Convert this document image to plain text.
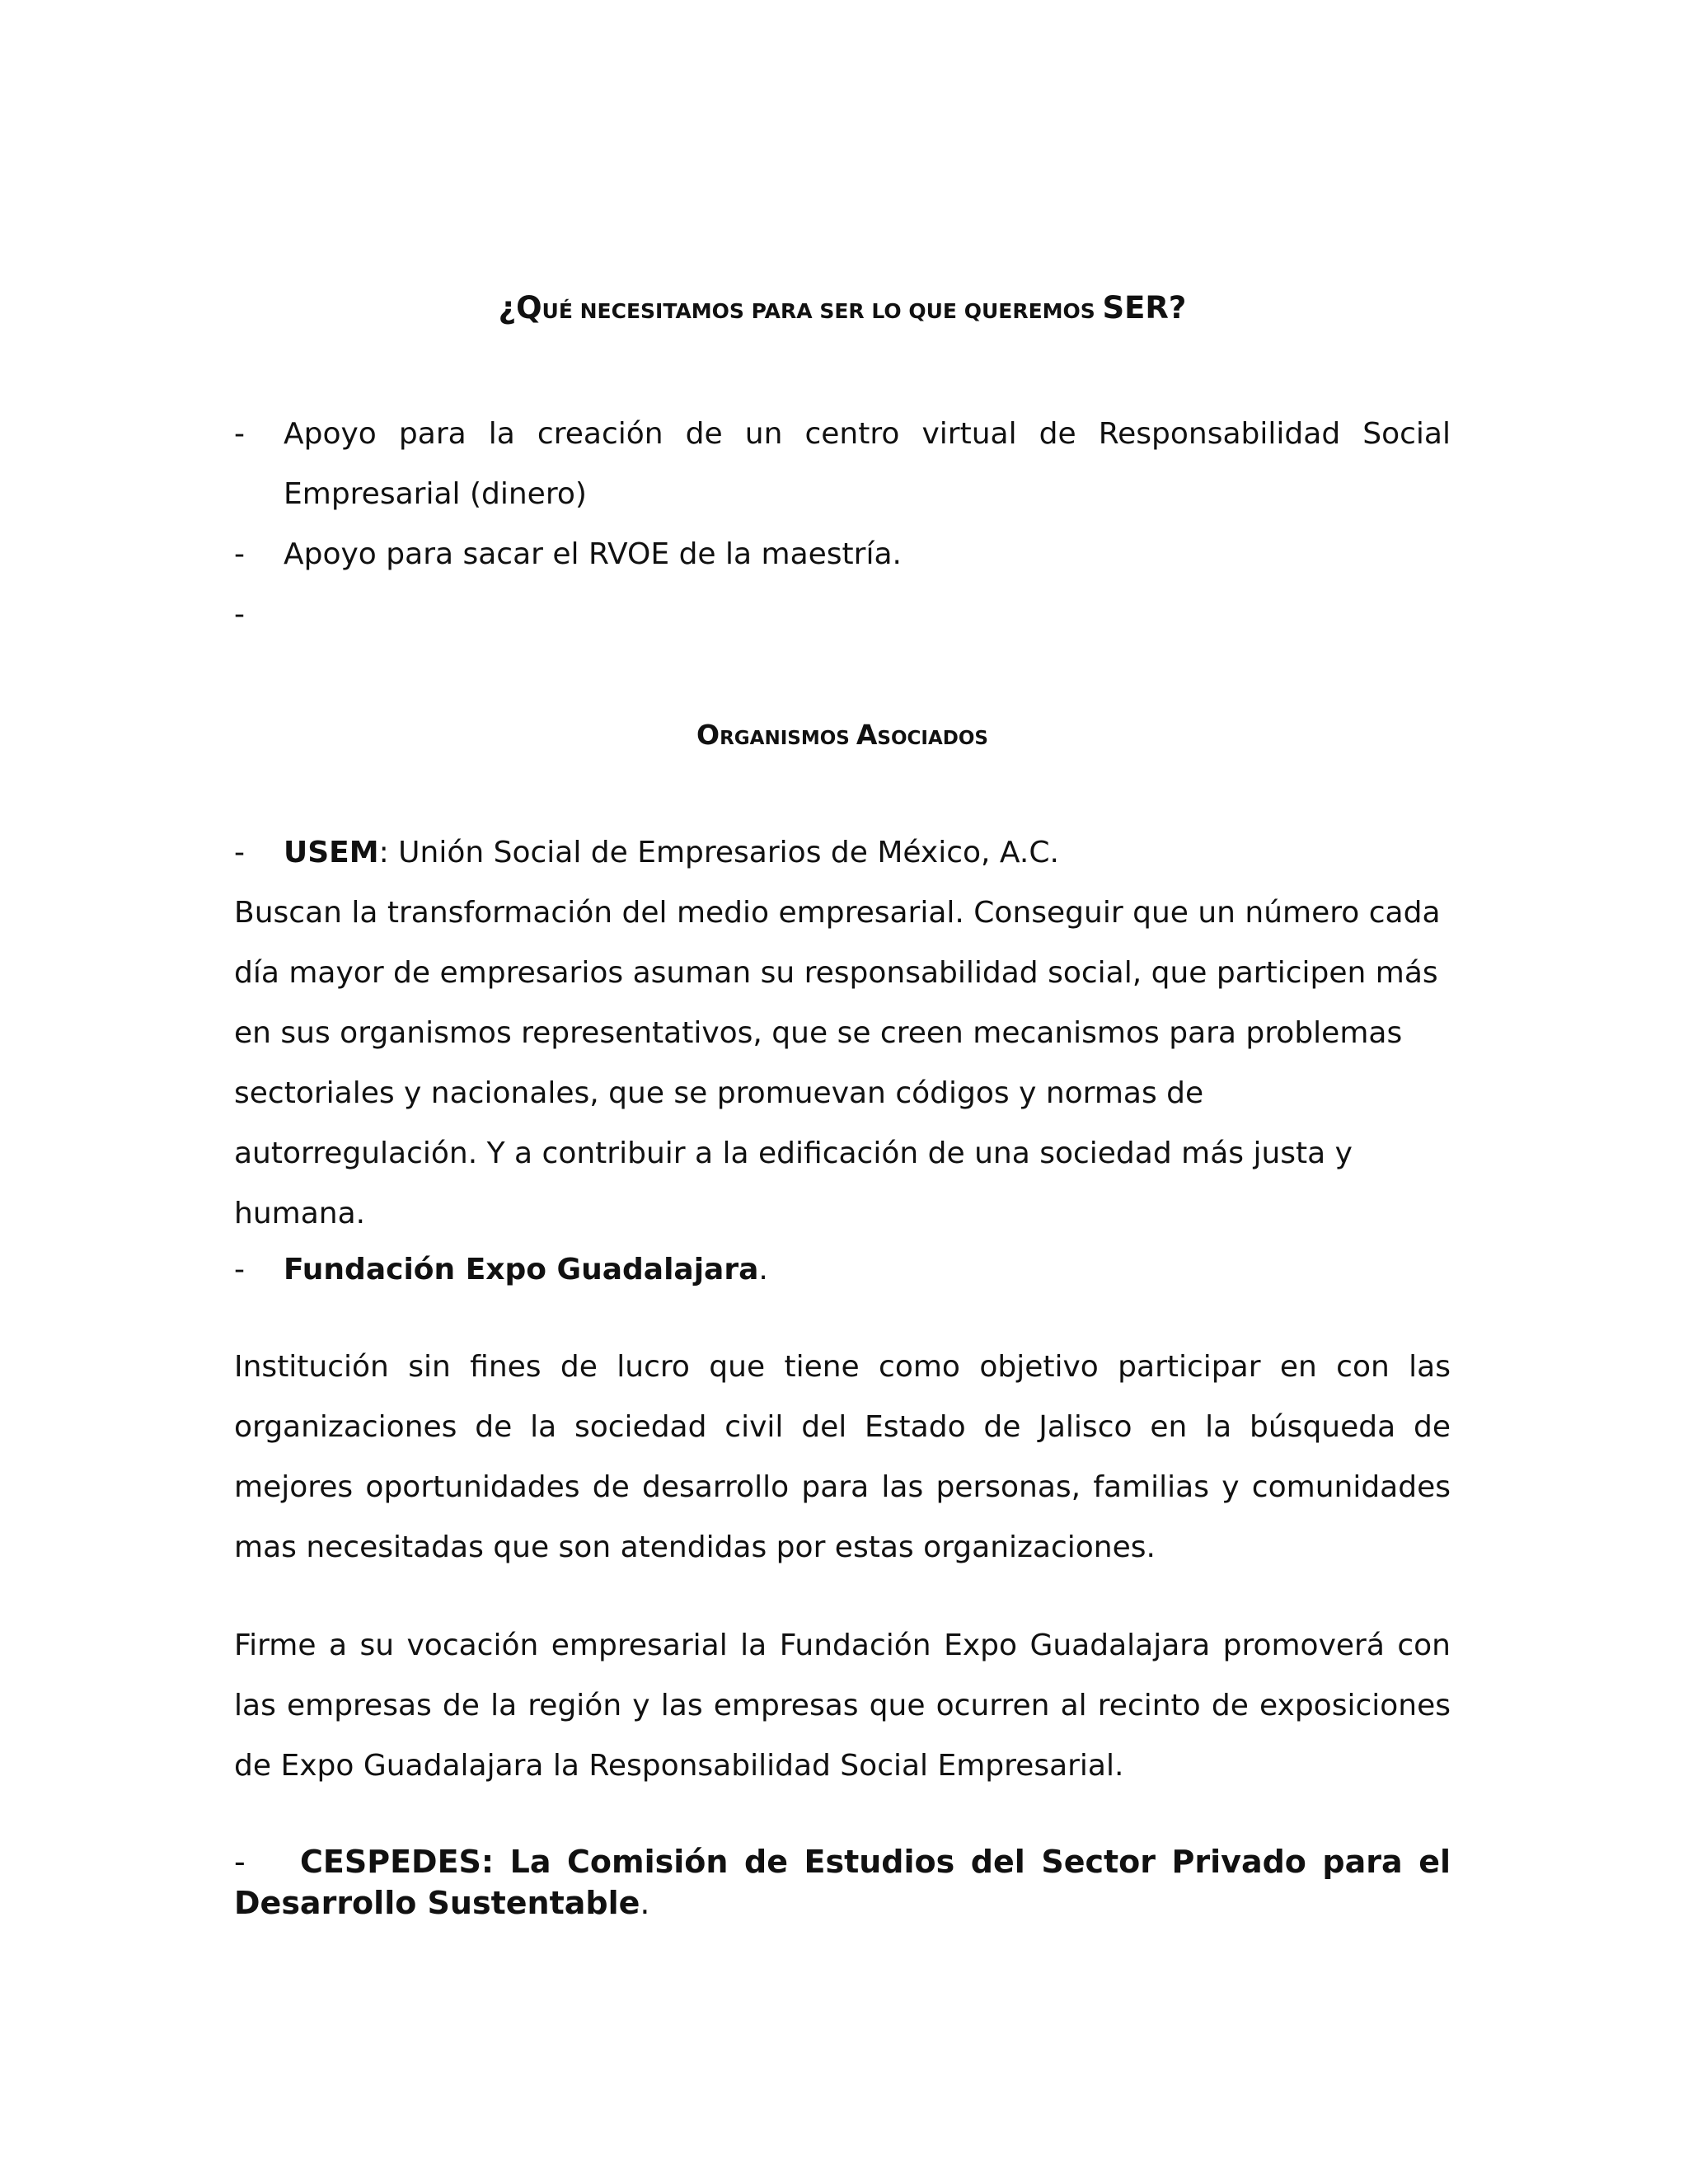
¿QUÉ NECESITAMOS PARA SER LO QUE QUEREMOS SER?
- Apoyo para la creación de un centro virtual de Responsabilidad Social Empresarial (dinero)
- Apoyo para sacar el RVOE de la maestría.
-
ORGANISMOS ASOCIADOS
- USEM: Unión Social de Empresarios de México, A.C.

Buscan la transformación del medio empresarial. Conseguir que un número cada día mayor de empresarios asuman su responsabilidad social, que participen más en sus organismos representativos, que se creen mecanismos para problemas sectoriales y nacionales, que se promuevan códigos y normas de autorregulación. Y a contribuir a la edificación de una sociedad más justa y humana.

- Fundación Expo Guadalajara.

Institución sin fines de lucro que tiene como objetivo participar en con las organizaciones de la sociedad civil del Estado de Jalisco en la búsqueda de mejores oportunidades de desarrollo para las personas, familias y comunidades mas necesitadas que son atendidas por estas organizaciones.

Firme a su vocación empresarial la Fundación Expo Guadalajara promoverá con las empresas de la región y las empresas que ocurren al recinto de exposiciones de Expo Guadalajara la Responsabilidad Social Empresarial.

-	CESPEDES: La Comisión de Estudios del Sector Privado para el Desarrollo Sustentable.
